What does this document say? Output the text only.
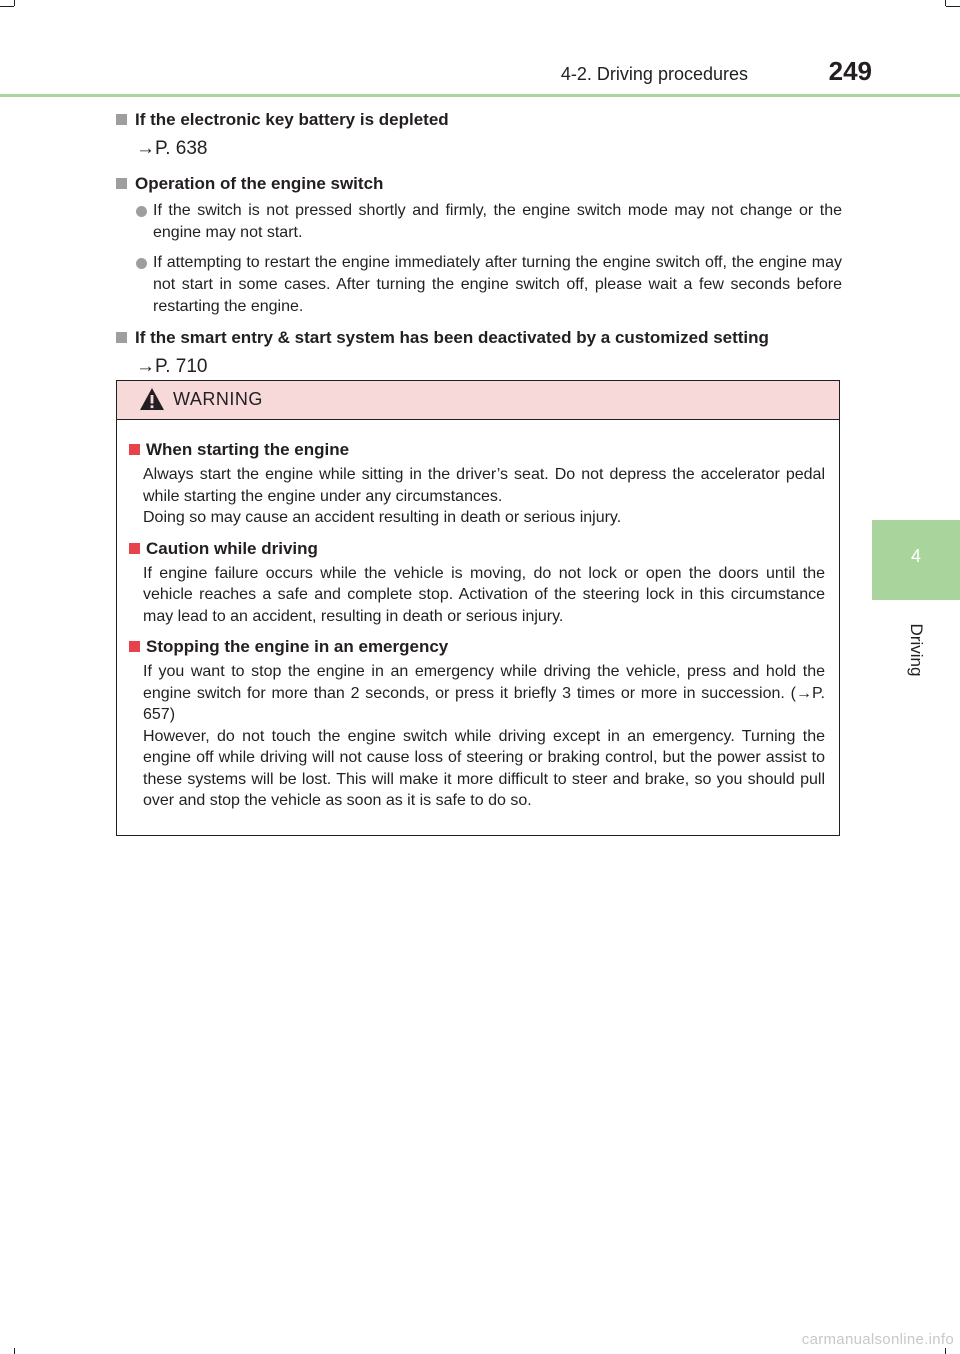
4-2. Driving procedures	249
4
Driving
If the electronic key battery is depleted
→P. 638
Operation of the engine switch
If the switch is not pressed shortly and firmly, the engine switch mode may not change or the engine may not start.
If attempting to restart the engine immediately after turning the engine switch off, the engine may not start in some cases. After turning the engine switch off, please wait a few seconds before restarting the engine.
If the smart entry & start system has been deactivated by a customized setting
→P. 710
WARNING
When starting the engine
Always start the engine while sitting in the driver’s seat. Do not depress the accelerator pedal while starting the engine under any circumstances.
Doing so may cause an accident resulting in death or serious injury.
Caution while driving
If engine failure occurs while the vehicle is moving, do not lock or open the doors until the vehicle reaches a safe and complete stop. Activation of the steering lock in this circumstance may lead to an accident, resulting in death or serious injury.
Stopping the engine in an emergency
If you want to stop the engine in an emergency while driving the vehicle, press and hold the engine switch for more than 2 seconds, or press it briefly 3 times or more in succession. (→P. 657)
However, do not touch the engine switch while driving except in an emergency. Turning the engine off while driving will not cause loss of steering or braking control, but the power assist to these systems will be lost. This will make it more difficult to steer and brake, so you should pull over and stop the vehicle as soon as it is safe to do so.
carmanualsonline.info
